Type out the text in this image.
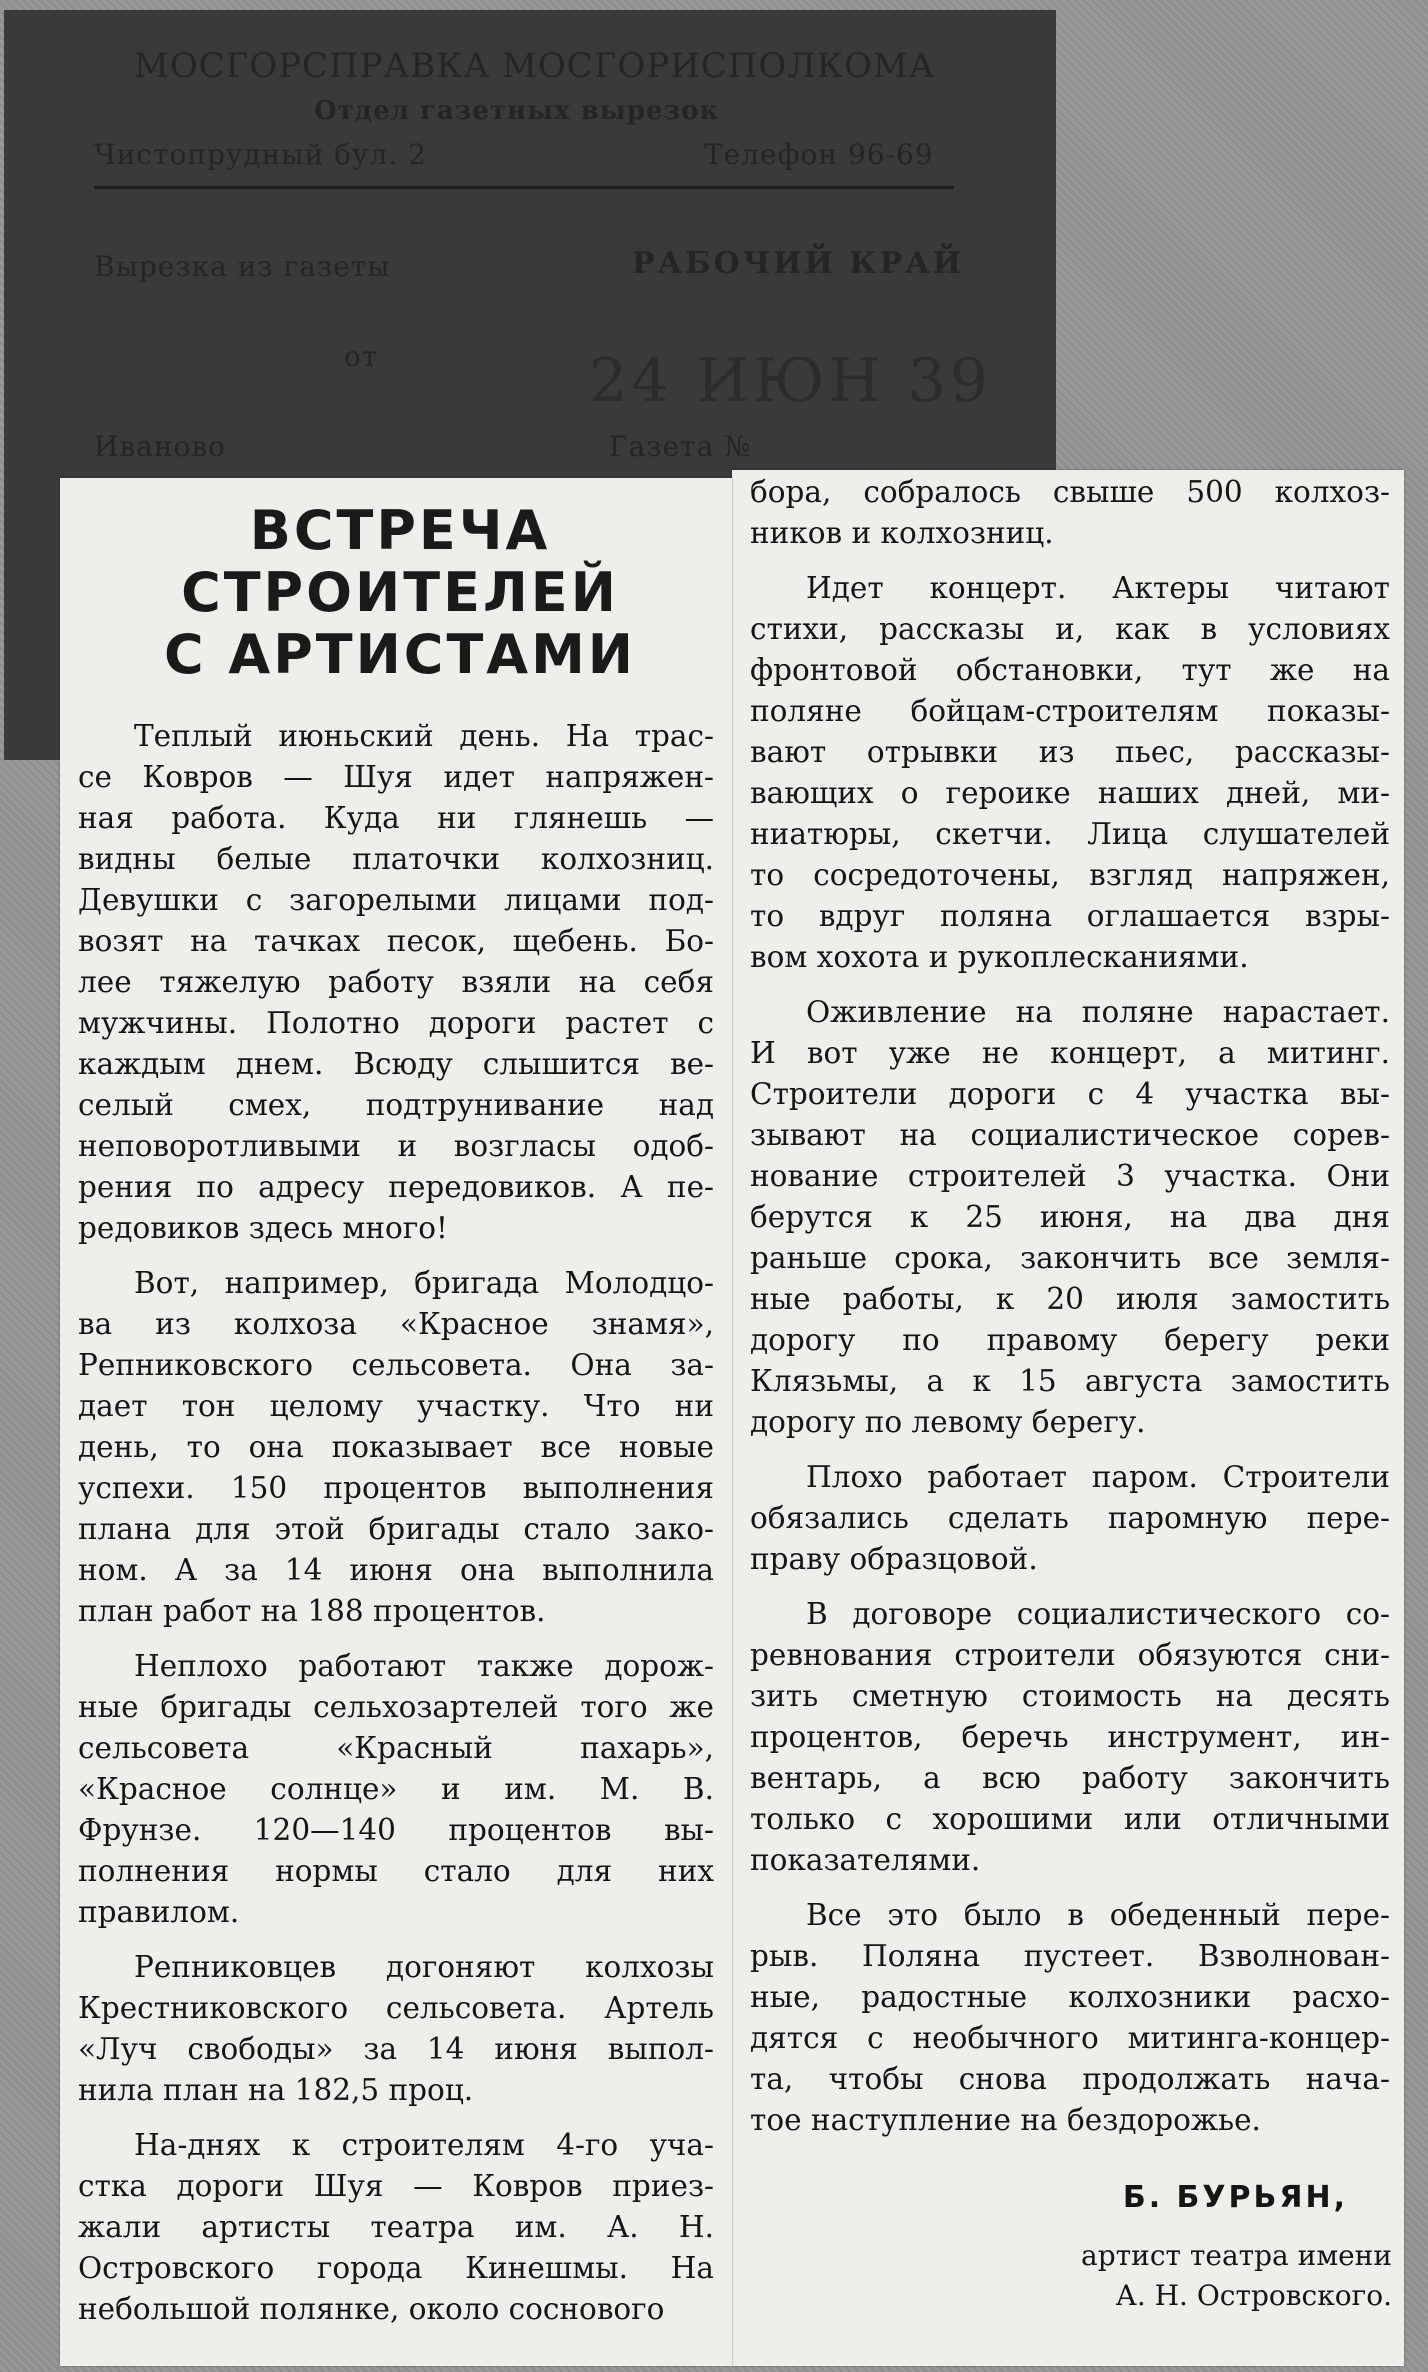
МОСГОРСПРАВКА МОСГОРИСПОЛКОМА
Отдел газетных вырезок
Чистопрудный бул. 2	Телефон 96-69
Вырезка из газеты	РАБОЧИЙ КРАЙ
от	24 ИЮН 39
Иваново	Газета №
ВСТРЕЧА
СТРОИТЕЛЕЙ
С АРТИСТАМИ
Теплый июньский день. На трас-
се Ковров — Шуя идет напряжен-
ная работа. Куда ни глянешь —
видны белые платочки колхозниц.
Девушки с загорелыми лицами под-
возят на тачках песок, щебень. Бо-
лее тяжелую работу взяли на себя
мужчины. Полотно дороги растет с
каждым днем. Всюду слышится ве-
селый смех, подтрунивание над
неповоротливыми и возгласы одоб-
рения по адресу передовиков. А пе-
редовиков здесь много!
Вот, например, бригада Молодцо-
ва из колхоза «Красное знамя»,
Репниковского сельсовета. Она за-
дает тон целому участку. Что ни
день, то она показывает все новые
успехи. 150 процентов выполнения
плана для этой бригады стало зако-
ном. А за 14 июня она выполнила
план работ на 188 процентов.
Неплохо работают также дорож-
ные бригады сельхозартелей того же
сельсовета «Красный пахарь»,
«Красное солнце» и им. М. В.
Фрунзе. 120—140 процентов вы-
полнения нормы стало для них
правилом.
Репниковцев догоняют колхозы
Крестниковского сельсовета. Артель
«Луч свободы» за 14 июня выпол-
нила план на 182,5 проц.
На-днях к строителям 4-го уча-
стка дороги Шуя — Ковров приез-
жали артисты театра им. А. Н.
Островского города Кинешмы. На
небольшой полянке, около соснового
бора, собралось свыше 500 колхоз-
ников и колхозниц.
Идет концерт. Актеры читают
стихи, рассказы и, как в условиях
фронтовой обстановки, тут же на
поляне бойцам-строителям показы-
вают отрывки из пьес, рассказы-
вающих о героике наших дней, ми-
ниатюры, скетчи. Лица слушателей
то сосредоточены, взгляд напряжен,
то вдруг поляна оглашается взры-
вом хохота и рукоплесканиями.
Оживление на поляне нарастает.
И вот уже не концерт, а митинг.
Строители дороги с 4 участка вы-
зывают на социалистическое сорев-
нование строителей 3 участка. Они
берутся к 25 июня, на два дня
раньше срока, закончить все земля-
ные работы, к 20 июля замостить
дорогу по правому берегу реки
Клязьмы, а к 15 августа замостить
дорогу по левому берегу.
Плохо работает паром. Строители
обязались сделать паромную пере-
праву образцовой.
В договоре социалистического со-
ревнования строители обязуются сни-
зить сметную стоимость на десять
процентов, беречь инструмент, ин-
вентарь, а всю работу закончить
только с хорошими или отличными
показателями.
Все это было в обеденный пере-
рыв. Поляна пустеет. Взволнован-
ные, радостные колхозники расхо-
дятся с необычного митинга-концер-
та, чтобы снова продолжать нача-
тое наступление на бездорожье.
Б. БУРЬЯН,
артист театра имени
А. Н. Островского.
